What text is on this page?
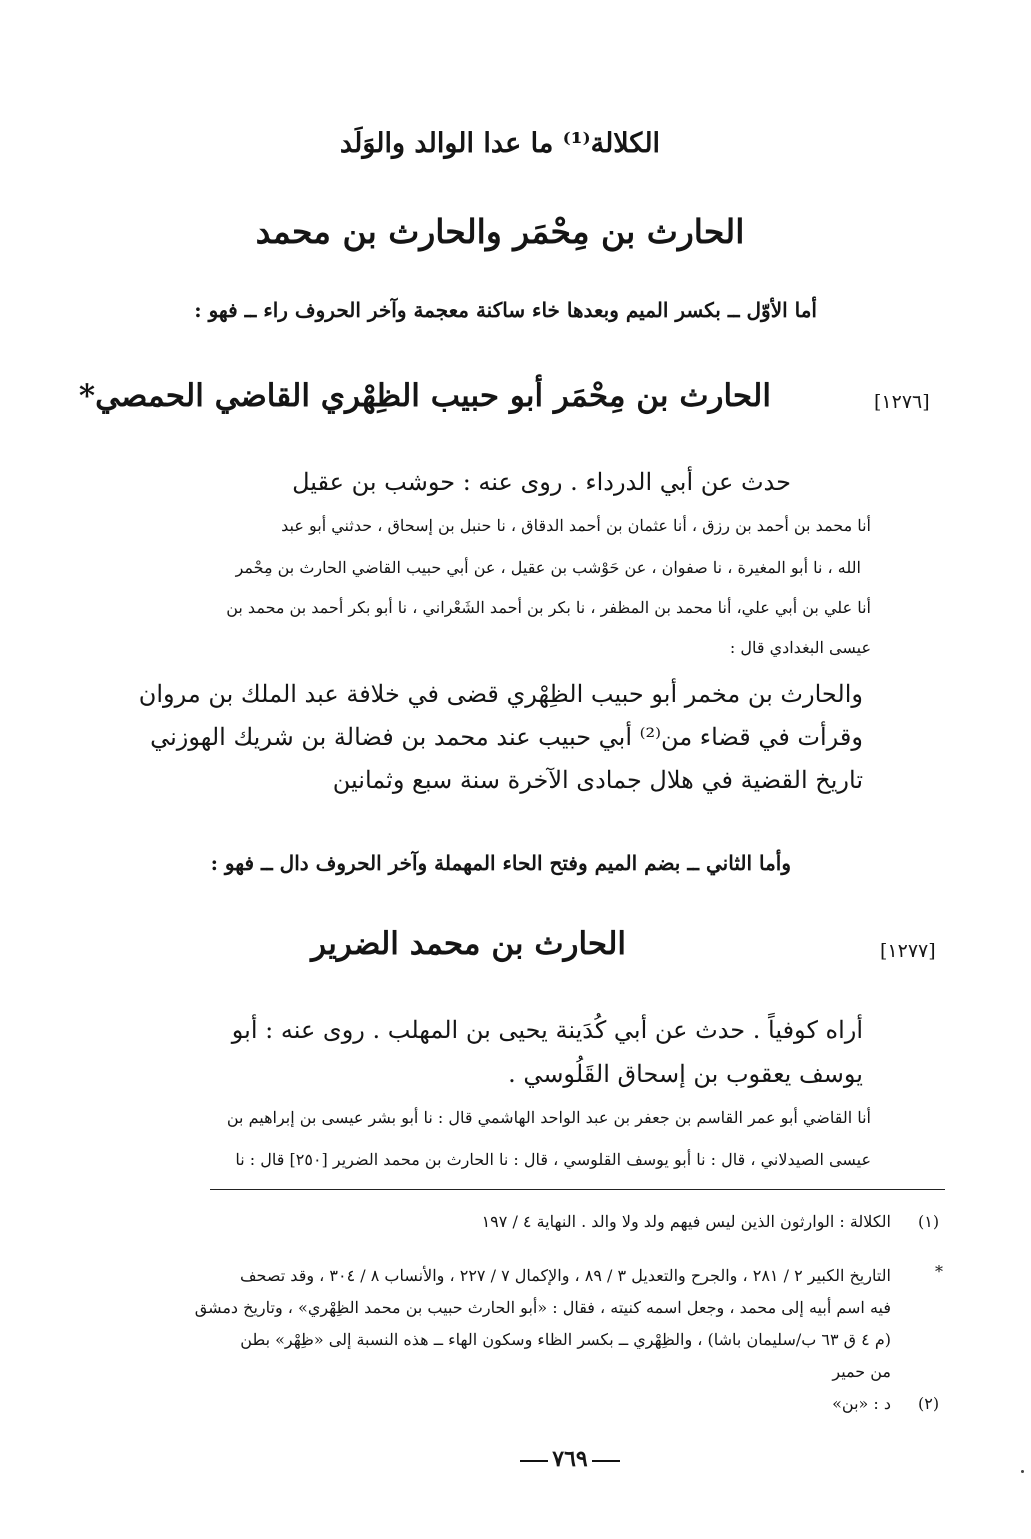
الكلالة⁽¹⁾ ما عدا الوالد والوَلَد
الحارث بن مِحْمَر والحارث بن محمد
أما الأوّل ــ بكسر الميم وبعدها خاء ساكنة معجمة وآخر الحروف راء ــ فهو :
[١٢٧٦]
الحارث بن مِحْمَر أبو حبيب الظِهْري القاضي الحمصي*
حدث عن أبي الدرداء . روى عنه : حوشب بن عقيل
أنا محمد بن أحمد بن رزق ، أنا عثمان بن أحمد الدقاق ، نا حنبل بن إسحاق ، حدثني أبو عبد
الله ، نا أبو المغيرة ، نا صفوان ، عن حَوْشب بن عقيل ، عن أبي حبيب القاضي الحارث بن مِحْمر
أنا علي بن أبي علي، أنا محمد بن المظفر ، نا بكر بن أحمد الشَعْراني ، نا أبو بكر أحمد بن محمد بن
عيسى البغدادي قال :
والحارث بن مخمر أبو حبيب الظِهْري قضى في خلافة عبد الملك بن مروان
وقرأت في قضاء من⁽²⁾ أبي حبيب عند محمد بن فضالة بن شريك الهوزني
تاريخ القضية في هلال جمادى الآخرة سنة سبع وثمانين
وأما الثاني ــ بضم الميم وفتح الحاء المهملة وآخر الحروف دال ــ فهو :
[١٢٧٧]
الحارث بن محمد الضرير
أراه كوفياً . حدث عن أبي كُدَينة يحيى بن المهلب . روى عنه : أبو
يوسف يعقوب بن إسحاق القَلُوسي .
أنا القاضي أبو عمر القاسم بن جعفر بن عبد الواحد الهاشمي قال : نا أبو بشر عيسى بن إبراهيم بن
عيسى الصيدلاني ، قال : نا أبو يوسف القلوسي ، قال : نا الحارث بن محمد الضرير [٢٥٠] قال : نا
(١)
الكلالة : الوارثون الذين ليس فيهم ولد ولا والد . النهاية ٤ / ١٩٧
*
التاريخ الكبير ٢ / ٢٨١ ، والجرح والتعديل ٣ / ٨٩ ، والإكمال ٧ / ٢٢٧ ، والأنساب ٨ / ٣٠٤ ، وقد تصحف
فيه اسم أبيه إلى محمد ، وجعل اسمه كنيته ، فقال : «أبو الحارث حبيب بن محمد الظِهْري» ، وتاريخ دمشق
(م ٤ ق ٦٣ ب/سليمان باشا) ، والظِهْري ــ بكسر الظاء وسكون الهاء ــ هذه النسبة إلى «ظِهْر» بطن
من حمير
(٢)
د : «بن»
٧٦٩
